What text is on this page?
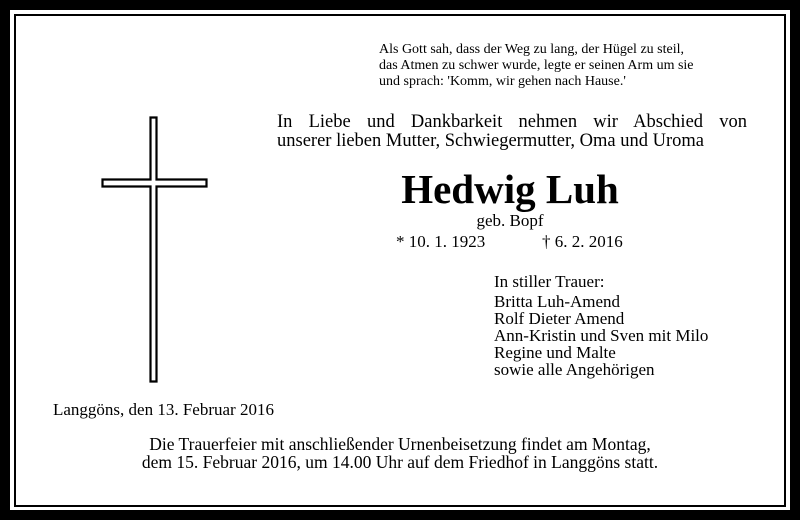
Als Gott sah, dass der Weg zu lang, der Hügel zu steil,
das Atmen zu schwer wurde, legte er seinen Arm um sie
und sprach: 'Komm, wir gehen nach Hause.'
In Liebe und Dankbarkeit nehmen wir Abschied von
unserer lieben Mutter, Schwiegermutter, Oma und Uroma
Hedwig Luh
geb. Bopf
* 10. 1. 1923	† 6. 2. 2016
In stiller Trauer:
Britta Luh-Amend
Rolf Dieter Amend
Ann-Kristin und Sven mit Milo
Regine und Malte
sowie alle Angehörigen
Langgöns, den 13. Februar 2016
Die Trauerfeier mit anschließender Urnenbeisetzung findet am Montag,
dem 15. Februar 2016, um 14.00 Uhr auf dem Friedhof in Langgöns statt.
